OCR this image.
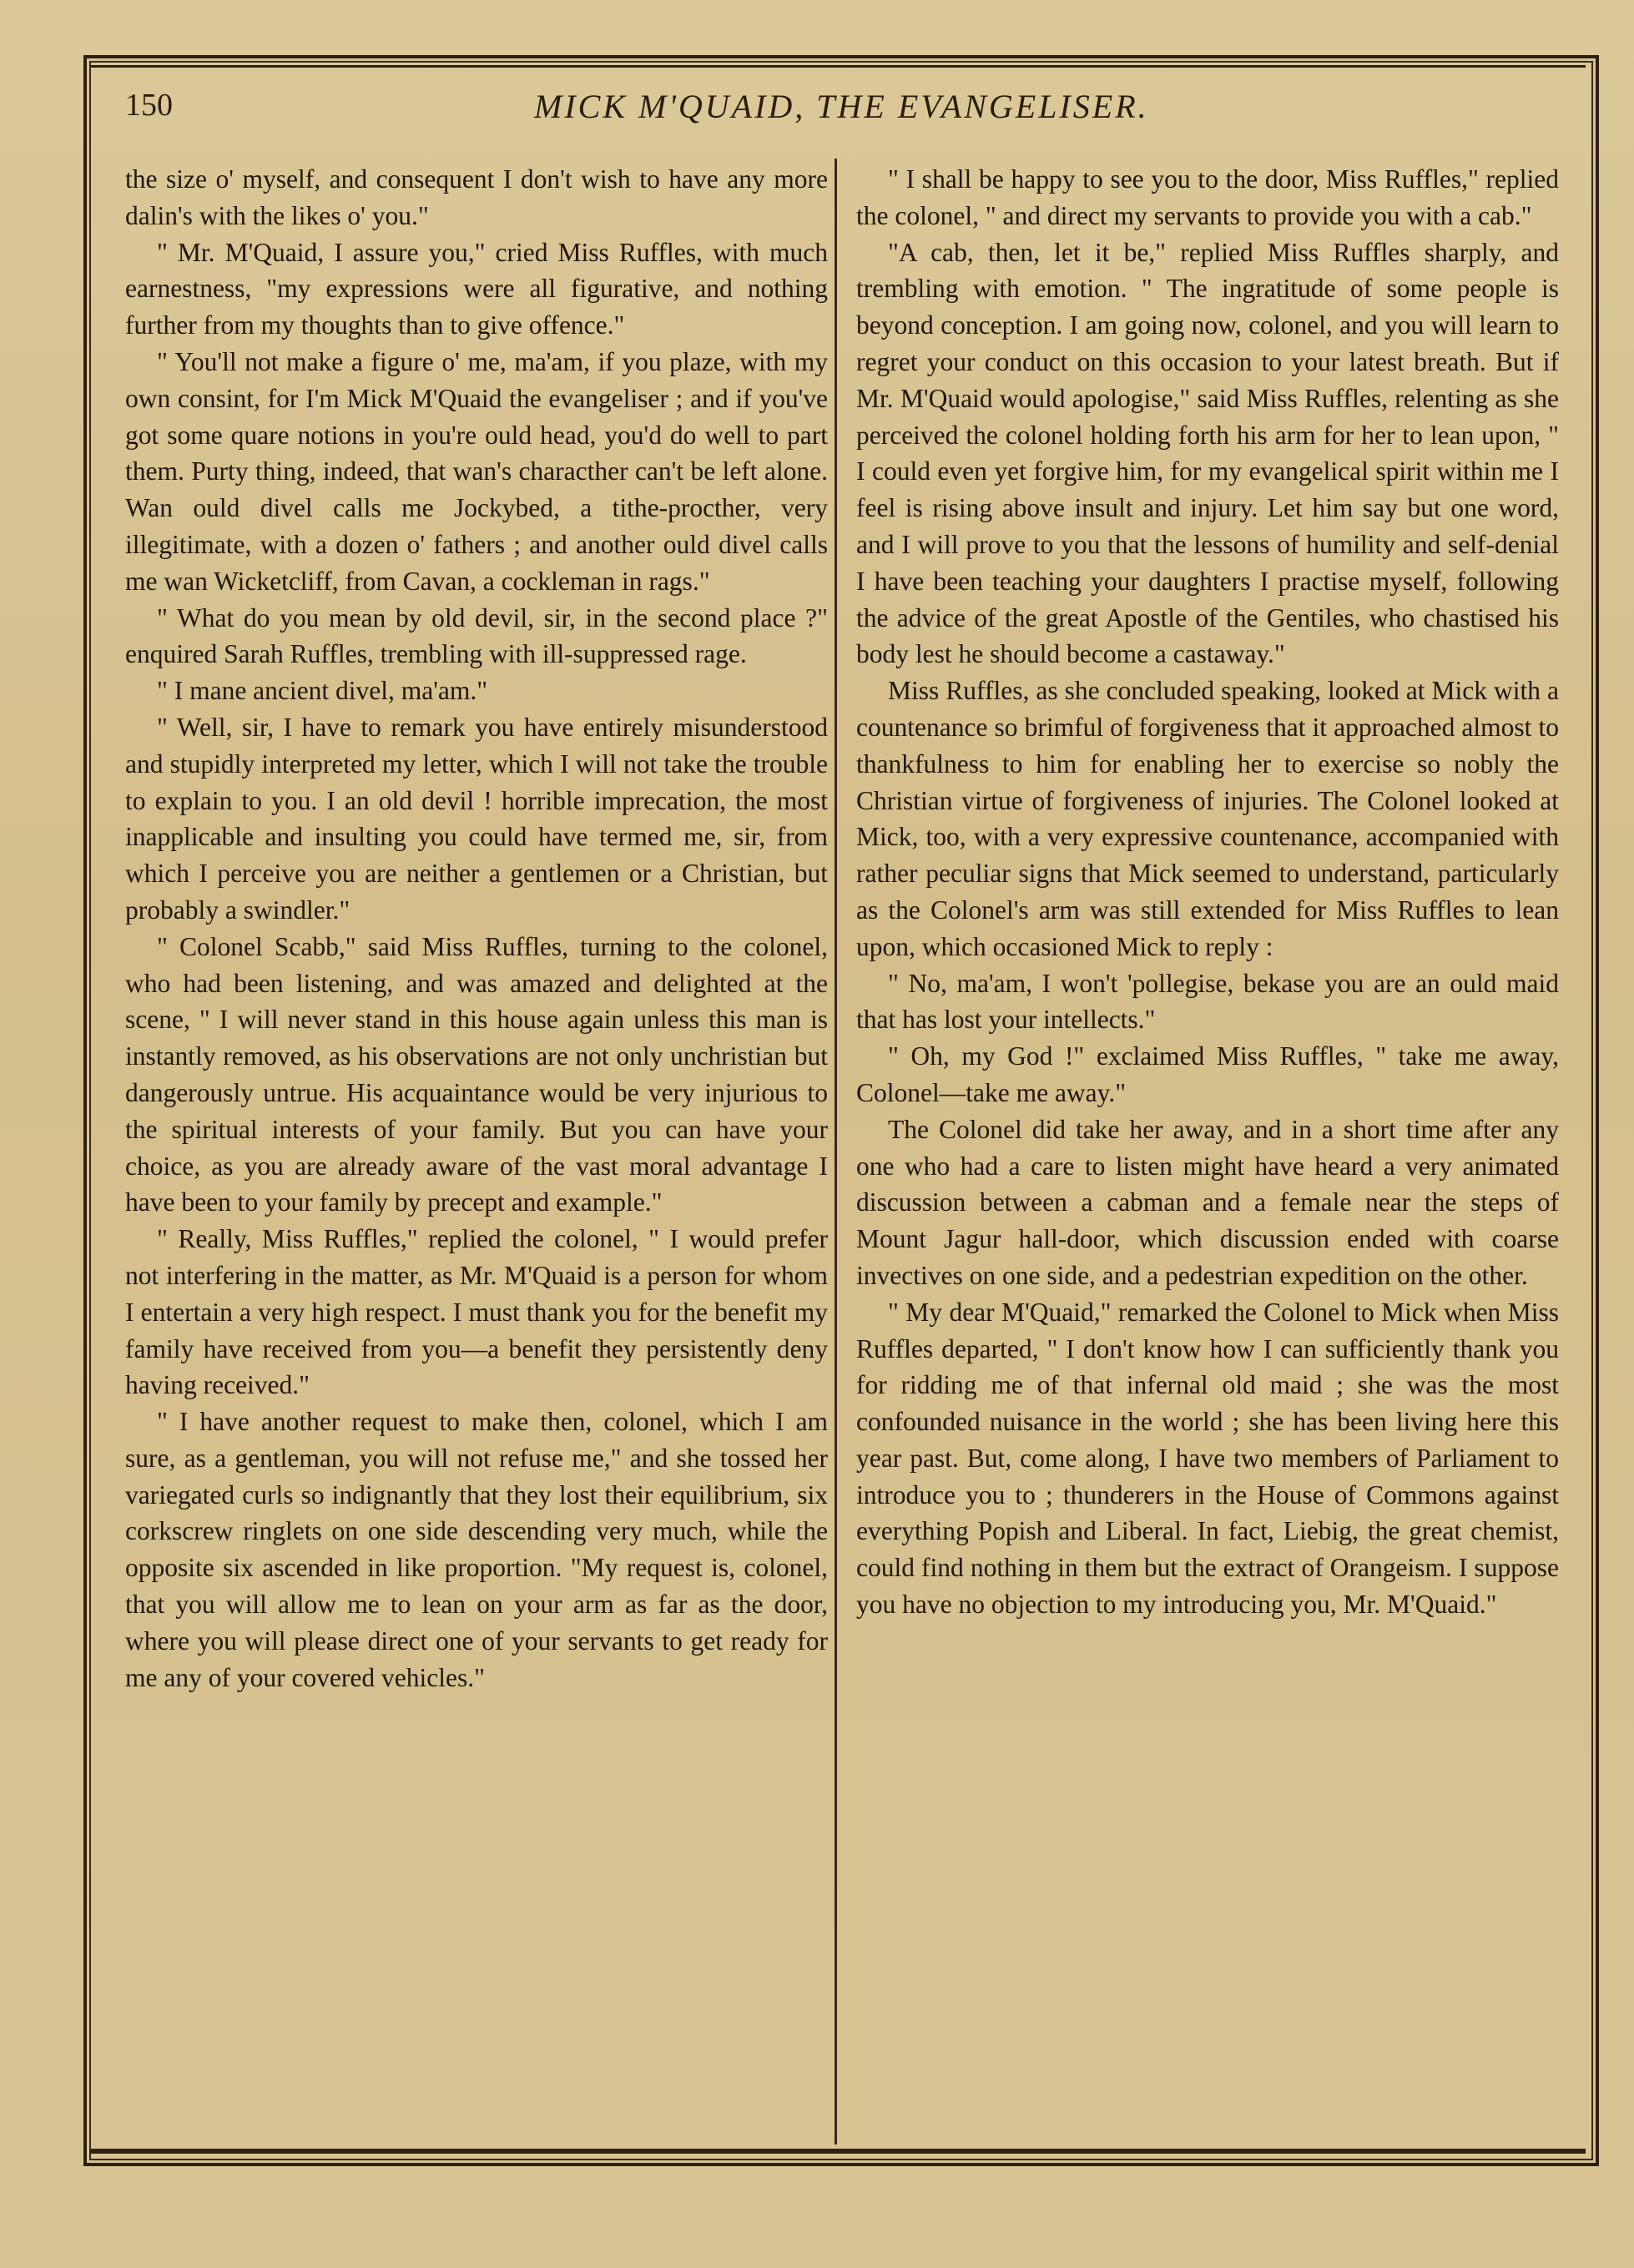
150	MICK M'QUAID, THE EVANGELISER.

the size o' myself, and consequent I don't wish to have any more dalin's with the likes o' you."

" Mr. M'Quaid, I assure you," cried Miss Ruffles, with much earnestness, "my expressions were all figurative, and nothing further from my thoughts than to give offence."

" You'll not make a figure o' me, ma'am, if you plaze, with my own consint, for I'm Mick M'Quaid the evangeliser ; and if you've got some quare notions in you're ould head, you'd do well to part them. Purty thing, indeed, that wan's characther can't be left alone. Wan ould divel calls me Jockybed, a tithe-procther, very illegitimate, with a dozen o' fathers ; and another ould divel calls me wan Wicketcliff, from Cavan, a cockleman in rags."

" What do you mean by old devil, sir, in the second place ?" enquired Sarah Ruffles, trembling with ill-suppressed rage.

" I mane ancient divel, ma'am."

" Well, sir, I have to remark you have entirely misunderstood and stupidly interpreted my letter, which I will not take the trouble to explain to you. I an old devil ! horrible imprecation, the most inapplicable and insulting you could have termed me, sir, from which I perceive you are neither a gentlemen or a Christian, but probably a swindler."

" Colonel Scabb," said Miss Ruffles, turning to the colonel, who had been listening, and was amazed and delighted at the scene, " I will never stand in this house again unless this man is instantly removed, as his observations are not only unchristian but dangerously untrue. His acquaintance would be very injurious to the spiritual interests of your family. But you can have your choice, as you are already aware of the vast moral advantage I have been to your family by precept and example."

" Really, Miss Ruffles," replied the colonel, " I would prefer not interfering in the matter, as Mr. M'Quaid is a person for whom I entertain a very high respect. I must thank you for the benefit my family have received from you—a benefit they persistently deny having received."

" I have another request to make then, colonel, which I am sure, as a gentleman, you will not refuse me," and she tossed her variegated curls so indignantly that they lost their equilibrium, six corkscrew ringlets on one side descending very much, while the opposite six ascended in like proportion. "My request is, colonel, that you will allow me to lean on your arm as far as the door, where you will please direct one of your servants to get ready for me any of your covered vehicles."

" I shall be happy to see you to the door, Miss Ruffles," replied the colonel, " and direct my servants to provide you with a cab."

"A cab, then, let it be," replied Miss Ruffles sharply, and trembling with emotion. " The ingratitude of some people is beyond conception. I am going now, colonel, and you will learn to regret your conduct on this occasion to your latest breath. But if Mr. M'Quaid would apologise," said Miss Ruffles, relenting as she perceived the colonel holding forth his arm for her to lean upon, " I could even yet forgive him, for my evangelical spirit within me I feel is rising above insult and injury. Let him say but one word, and I will prove to you that the lessons of humility and self-denial I have been teaching your daughters I practise myself, following the advice of the great Apostle of the Gentiles, who chastised his body lest he should become a castaway."

Miss Ruffles, as she concluded speaking, looked at Mick with a countenance so brimful of forgiveness that it approached almost to thankfulness to him for enabling her to exercise so nobly the Christian virtue of forgiveness of injuries. The Colonel looked at Mick, too, with a very expressive countenance, accompanied with rather peculiar signs that Mick seemed to understand, particularly as the Colonel's arm was still extended for Miss Ruffles to lean upon, which occasioned Mick to reply :

" No, ma'am, I won't 'pollegise, bekase you are an ould maid that has lost your intellects."

" Oh, my God !" exclaimed Miss Ruffles, " take me away, Colonel—take me away."

The Colonel did take her away, and in a short time after any one who had a care to listen might have heard a very animated discussion between a cabman and a female near the steps of Mount Jagur hall-door, which discussion ended with coarse invectives on one side, and a pedestrian expedition on the other.

" My dear M'Quaid," remarked the Colonel to Mick when Miss Ruffles departed, " I don't know how I can sufficiently thank you for ridding me of that infernal old maid ; she was the most confounded nuisance in the world ; she has been living here this year past. But, come along, I have two members of Parliament to introduce you to ; thunderers in the House of Commons against everything Popish and Liberal. In fact, Liebig, the great chemist, could find nothing in them but the extract of Orangeism. I suppose you have no objection to my introducing you, Mr. M'Quaid."
